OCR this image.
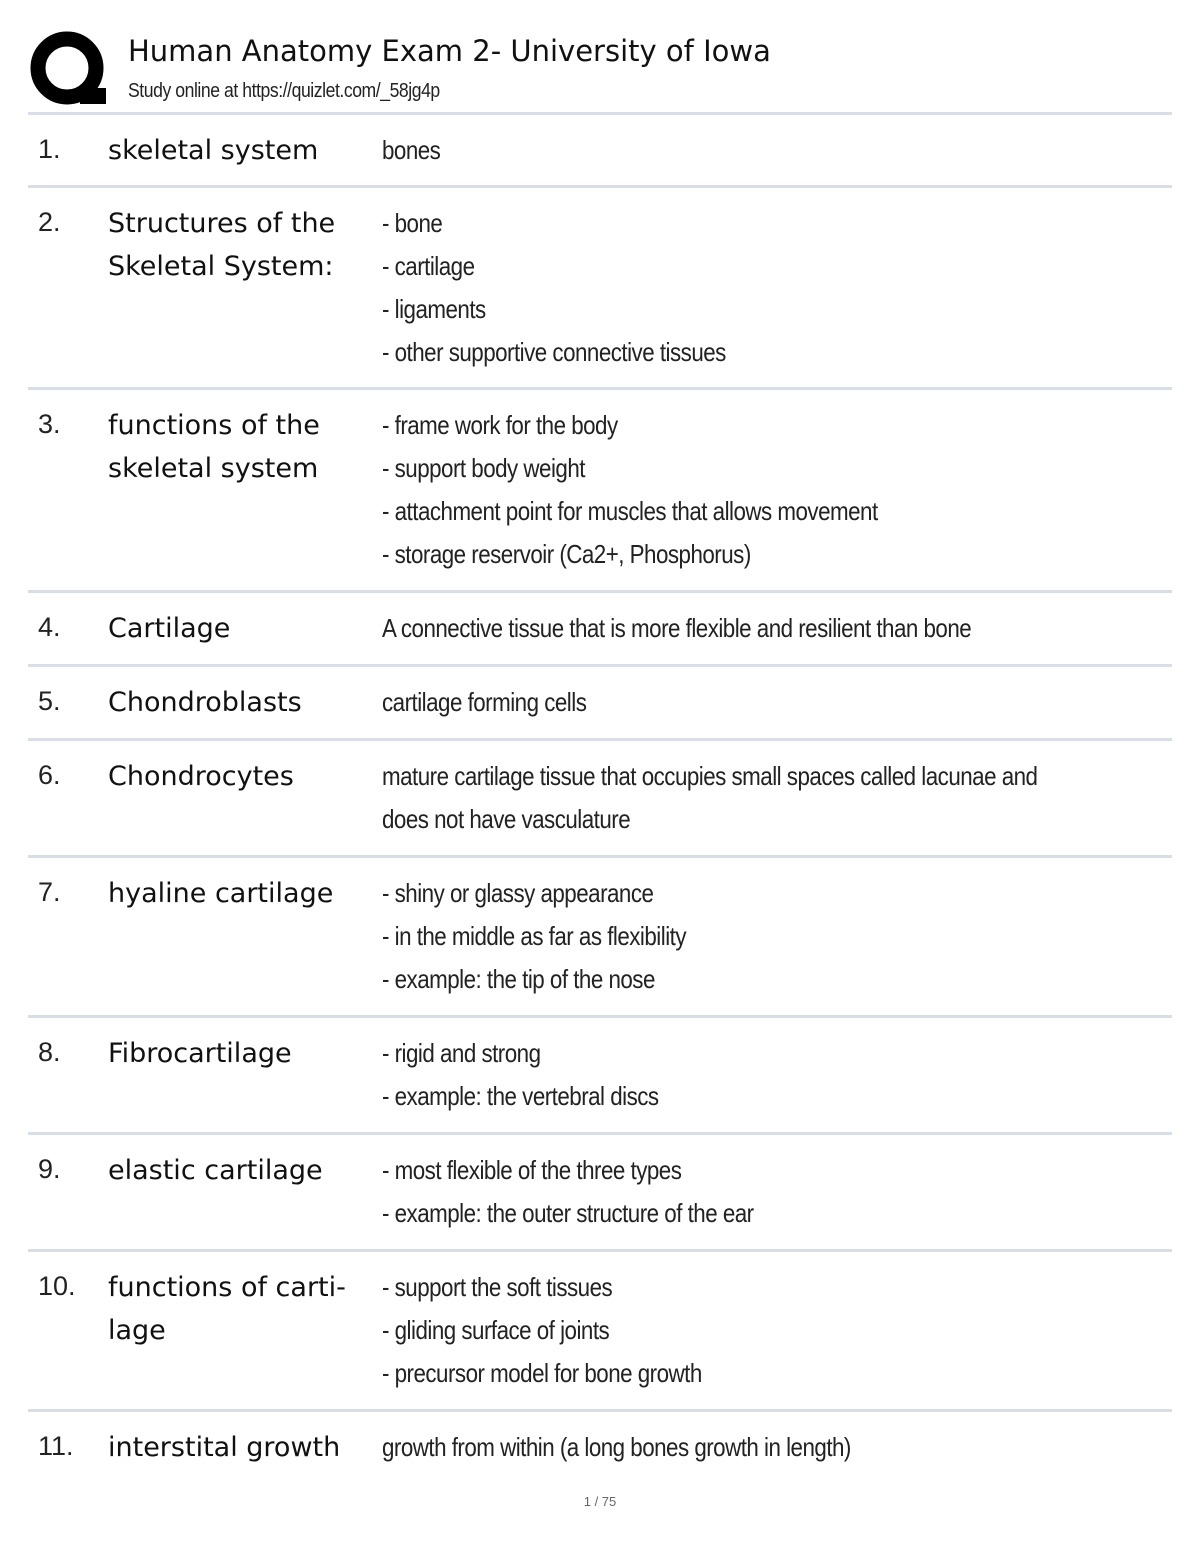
Human Anatomy Exam 2- University of Iowa
Study online at https://quizlet.com/_58jg4p
1.	skeletal system	bones
2.	Structures of the Skeletal System:
- bone
- cartilage
- ligaments
- other supportive connective tissues
3.	functions of the skeletal system
- frame work for the body
- support body weight
- attachment point for muscles that allows movement
- storage reservoir (Ca2+, Phosphorus)
4.	Cartilage	A connective tissue that is more flexible and resilient than bone
5.	Chondroblasts	cartilage forming cells
6.	Chondrocytes	mature cartilage tissue that occupies small spaces called lacunae and does not have vasculature
7.	hyaline cartilage	- shiny or glassy appearance
- in the middle as far as flexibility
- example: the tip of the nose
8.	Fibrocartilage	- rigid and strong
- example: the vertebral discs
9.	elastic cartilage	- most flexible of the three types
- example: the outer structure of the ear
10.	functions of carti-lage
- support the soft tissues
- gliding surface of joints
- precursor model for bone growth
11.	interstital growth	growth from within (a long bones growth in length)
1 / 75
